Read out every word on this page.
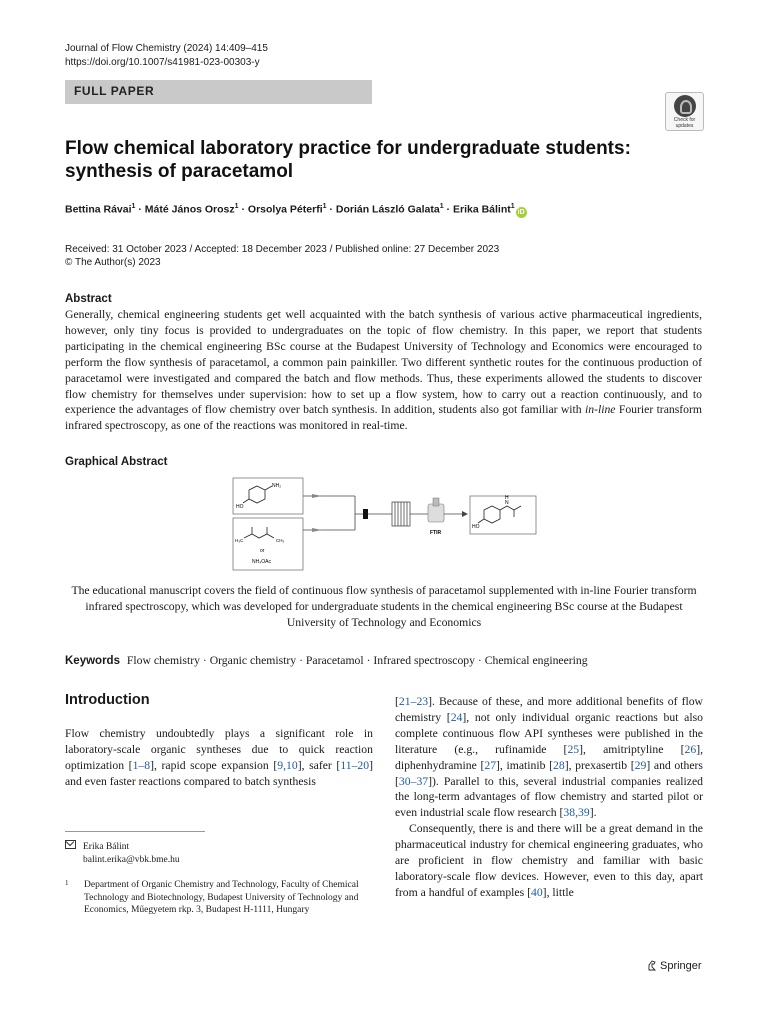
Journal of Flow Chemistry (2024) 14:409–415
https://doi.org/10.1007/s41981-023-00303-y
FULL PAPER
Check for updates
Flow chemical laboratory practice for undergraduate students:
synthesis of paracetamol
Bettina Rávai$^1$ · Máté János Orosz$^1$ · Orsolya Péterfi$^1$ · Dorián László Galata$^1$ · Erika Bálint$^1$iD
Received: 31 October 2023 / Accepted: 18 December 2023 / Published online: 27 December 2023
© The Author(s) 2023
Abstract
Generally, chemical engineering students get well acquainted with the batch synthesis of various active pharmaceutical ingredients, however, only tiny focus is provided to undergraduates on the topic of flow chemistry. In this paper, we report that students participating in the chemical engineering BSc course at the Budapest University of Technology and Economics were encouraged to perform the flow synthesis of paracetamol, a common pain painkiller. Two different synthetic routes for the continuous production of paracetamol were investigated and compared the batch and flow methods. Thus, these experiments allowed the students to discover flow chemistry for themselves under supervision: how to set up a flow system, how to carry out a reaction continuously, and to experience the advantages of flow chemistry over batch synthesis. In addition, students also got familiar with in-line Fourier transform infrared spectroscopy, as one of the reactions was monitored in real-time.
Graphical Abstract
NH₂
HO
H₃C	CH₃
or
NH₄OAc
FTIR
HO
N
H
The educational manuscript covers the field of continuous flow synthesis of paracetamol supplemented with in-line Fourier transform infrared spectroscopy, which was developed for undergraduate students in the chemical engineering BSc course at the Budapest University of Technology and Economics
Keywords Flow chemistry · Organic chemistry · Paracetamol · Infrared spectroscopy · Chemical engineering
Introduction
Flow chemistry undoubtedly plays a significant role in laboratory-scale organic syntheses due to quick reaction optimization [1–8], rapid scope expansion [9,10], safer [11–20] and even faster reactions compared to batch synthesis

[21–23]. Because of these, and more additional benefits of flow chemistry [24], not only individual organic reactions but also complete continuous flow API syntheses were published in the literature (e.g., rufinamide [25], amitriptyline [26], diphenhydramine [27], imatinib [28], prexasertib [29] and others [30–37]). Parallel to this, several industrial companies realized the long-term advantages of flow chemistry and started pilot or even industrial scale flow research [38,39].

Consequently, there is and there will be a great demand in the pharmaceutical industry for chemical engineering graduates, who are proficient in flow chemistry and familiar with basic laboratory-scale flow devices. However, even to this day, apart from a handful of examples [40], little

Erika Bálint
balint.erika@vbk.bme.hu
1 Department of Organic Chemistry and Technology, Faculty of Chemical Technology and Biotechnology, Budapest University of Technology and Economics, Műegyetem rkp. 3, Budapest H-1111, Hungary
Springer
